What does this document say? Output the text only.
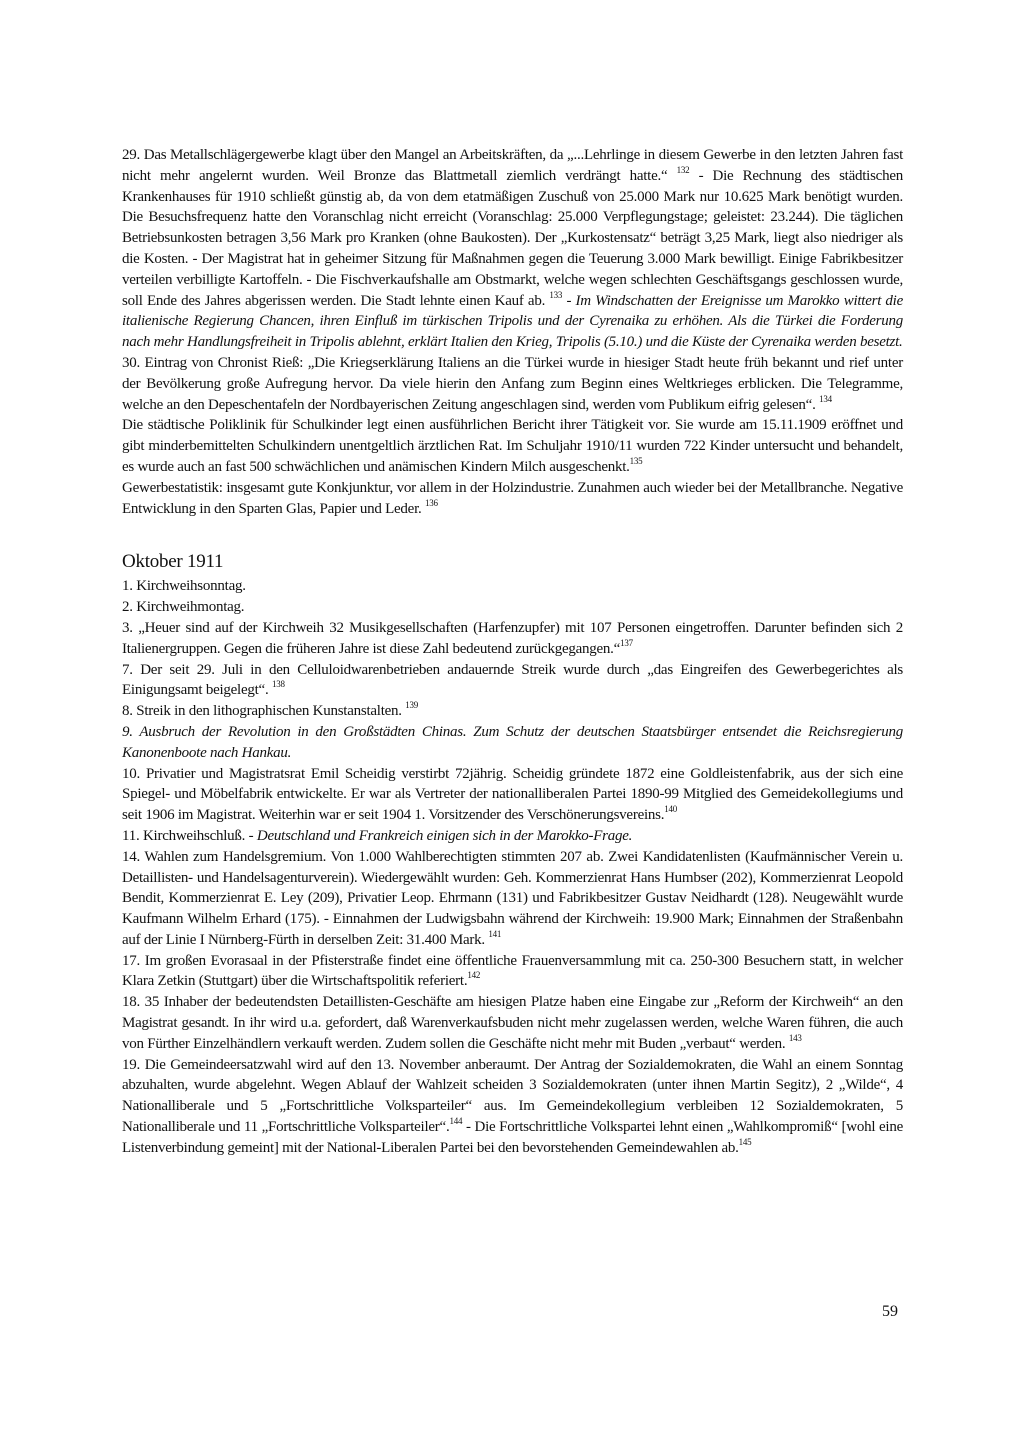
29. Das Metallschlägergewerbe klagt über den Mangel an Arbeitskräften, da „...Lehrlinge in diesem Gewerbe in den letzten Jahren fast nicht mehr angelernt wurden. Weil Bronze das Blattmetall ziemlich verdrängt hatte.“ $^{132}$ - Die Rechnung des städtischen Krankenhauses für 1910 schließt günstig ab, da von dem etatmäßigen Zuschuß von 25.000 Mark nur 10.625 Mark benötigt wurden. Die Besuchsfrequenz hatte den Voranschlag nicht erreicht (Voranschlag: 25.000 Verpflegungstage; geleistet: 23.244). Die täglichen Betriebsunkosten betragen 3,56 Mark pro Kranken (ohne Baukosten). Der „Kurkostensatz“ beträgt 3,25 Mark, liegt also niedriger als die Kosten. - Der Magistrat hat in geheimer Sitzung für Maßnahmen gegen die Teuerung 3.000 Mark bewilligt. Einige Fabrikbesitzer verteilen verbilligte Kartoffeln. - Die Fischverkaufshalle am Obstmarkt, welche wegen schlechten Geschäftsgangs geschlossen wurde, soll Ende des Jahres abgerissen werden. Die Stadt lehnte einen Kauf ab. $^{133}$ - Im Windschatten der Ereignisse um Marokko wittert die italienische Regierung Chancen, ihren Einfluß im türkischen Tripolis und der Cyrenaika zu erhöhen. Als die Türkei die Forderung nach mehr Handlungsfreiheit in Tripolis ablehnt, erklärt Italien den Krieg, Tripolis (5.10.) und die Küste der Cyrenaika werden besetzt.

30. Eintrag von Chronist Rieß: „Die Kriegserklärung Italiens an die Türkei wurde in hiesiger Stadt heute früh bekannt und rief unter der Bevölkerung große Aufregung hervor. Da viele hierin den Anfang zum Beginn eines Weltkrieges erblicken. Die Telegramme, welche an den Depeschentafeln der Nordbayerischen Zeitung angeschlagen sind, werden vom Publikum eifrig gelesen“. $^{134}$

Die städtische Poliklinik für Schulkinder legt einen ausführlichen Bericht ihrer Tätigkeit vor. Sie wurde am 15.11.1909 eröffnet und gibt minderbemittelten Schulkindern unentgeltlich ärztlichen Rat. Im Schuljahr 1910/11 wurden 722 Kinder untersucht und behandelt, es wurde auch an fast 500 schwächlichen und anämischen Kindern Milch ausgeschenkt.$^{135}$

Gewerbestatistik: insgesamt gute Konkjunktur, vor allem in der Holzindustrie. Zunahmen auch wieder bei der Metallbranche. Negative Entwicklung in den Sparten Glas, Papier und Leder. $^{136}$

Oktober 1911

1. Kirchweihsonntag.

2. Kirchweihmontag.

3. „Heuer sind auf der Kirchweih 32 Musikgesellschaften (Harfenzupfer) mit 107 Personen eingetroffen. Darunter befinden sich 2 Italienergruppen. Gegen die früheren Jahre ist diese Zahl bedeutend zurückgegangen.“$^{137}$

7. Der seit 29. Juli in den Celluloidwarenbetrieben andauernde Streik wurde durch „das Eingreifen des Gewerbegerichtes als Einigungsamt beigelegt“. $^{138}$

8. Streik in den lithographischen Kunstanstalten. $^{139}$

9. Ausbruch der Revolution in den Großstädten Chinas. Zum Schutz der deutschen Staatsbürger entsendet die Reichsregierung Kanonenboote nach Hankau.

10. Privatier und Magistratsrat Emil Scheidig verstirbt 72jährig. Scheidig gründete 1872 eine Goldleistenfabrik, aus der sich eine Spiegel- und Möbelfabrik entwickelte. Er war als Vertreter der nationalliberalen Partei 1890-99 Mitglied des Gemeidekollegiums und seit 1906 im Magistrat. Weiterhin war er seit 1904 1. Vorsitzender des Verschönerungsvereins.$^{140}$

11. Kirchweihschluß. - Deutschland und Frankreich einigen sich in der Marokko-Frage.

14. Wahlen zum Handelsgremium. Von 1.000 Wahlberechtigten stimmten 207 ab. Zwei Kandidatenlisten (Kaufmännischer Verein u. Detaillisten- und Handelsagenturverein). Wiedergewählt wurden: Geh. Kommerzienrat Hans Humbser (202), Kommerzienrat Leopold Bendit, Kommerzienrat E. Ley (209), Privatier Leop. Ehrmann (131) und Fabrikbesitzer Gustav Neidhardt (128). Neugewählt wurde Kaufmann Wilhelm Erhard (175). - Einnahmen der Ludwigsbahn während der Kirchweih: 19.900 Mark; Einnahmen der Straßenbahn auf der Linie I Nürnberg-Fürth in derselben Zeit: 31.400 Mark. $^{141}$

17. Im großen Evorasaal in der Pfisterstraße findet eine öffentliche Frauenversammlung mit ca. 250-300 Besuchern statt, in welcher Klara Zetkin (Stuttgart) über die Wirtschaftspolitik referiert.$^{142}$

18. 35 Inhaber der bedeutendsten Detaillisten-Geschäfte am hiesigen Platze haben eine Eingabe zur „Reform der Kirchweih“ an den Magistrat gesandt. In ihr wird u.a. gefordert, daß Warenverkaufsbuden nicht mehr zugelassen werden, welche Waren führen, die auch von Fürther Einzelhändlern verkauft werden. Zudem sollen die Geschäfte nicht mehr mit Buden „verbaut“ werden. $^{143}$

19. Die Gemeindeersatzwahl wird auf den 13. November anberaumt. Der Antrag der Sozialdemokraten, die Wahl an einem Sonntag abzuhalten, wurde abgelehnt. Wegen Ablauf der Wahlzeit scheiden 3 Sozialdemokraten (unter ihnen Martin Segitz), 2 „Wilde“, 4 Nationalliberale und 5 „Fortschrittliche Volksparteiler“ aus. Im Gemeindekollegium verbleiben 12 Sozialdemokraten, 5 Nationalliberale und 11 „Fortschrittliche Volksparteiler“.$^{144}$ - Die Fortschrittliche Volkspartei lehnt einen „Wahlkompromiß“ [wohl eine Listenverbindung gemeint] mit der National-Liberalen Partei bei den bevorstehenden Gemeindewahlen ab.$^{145}$

59
